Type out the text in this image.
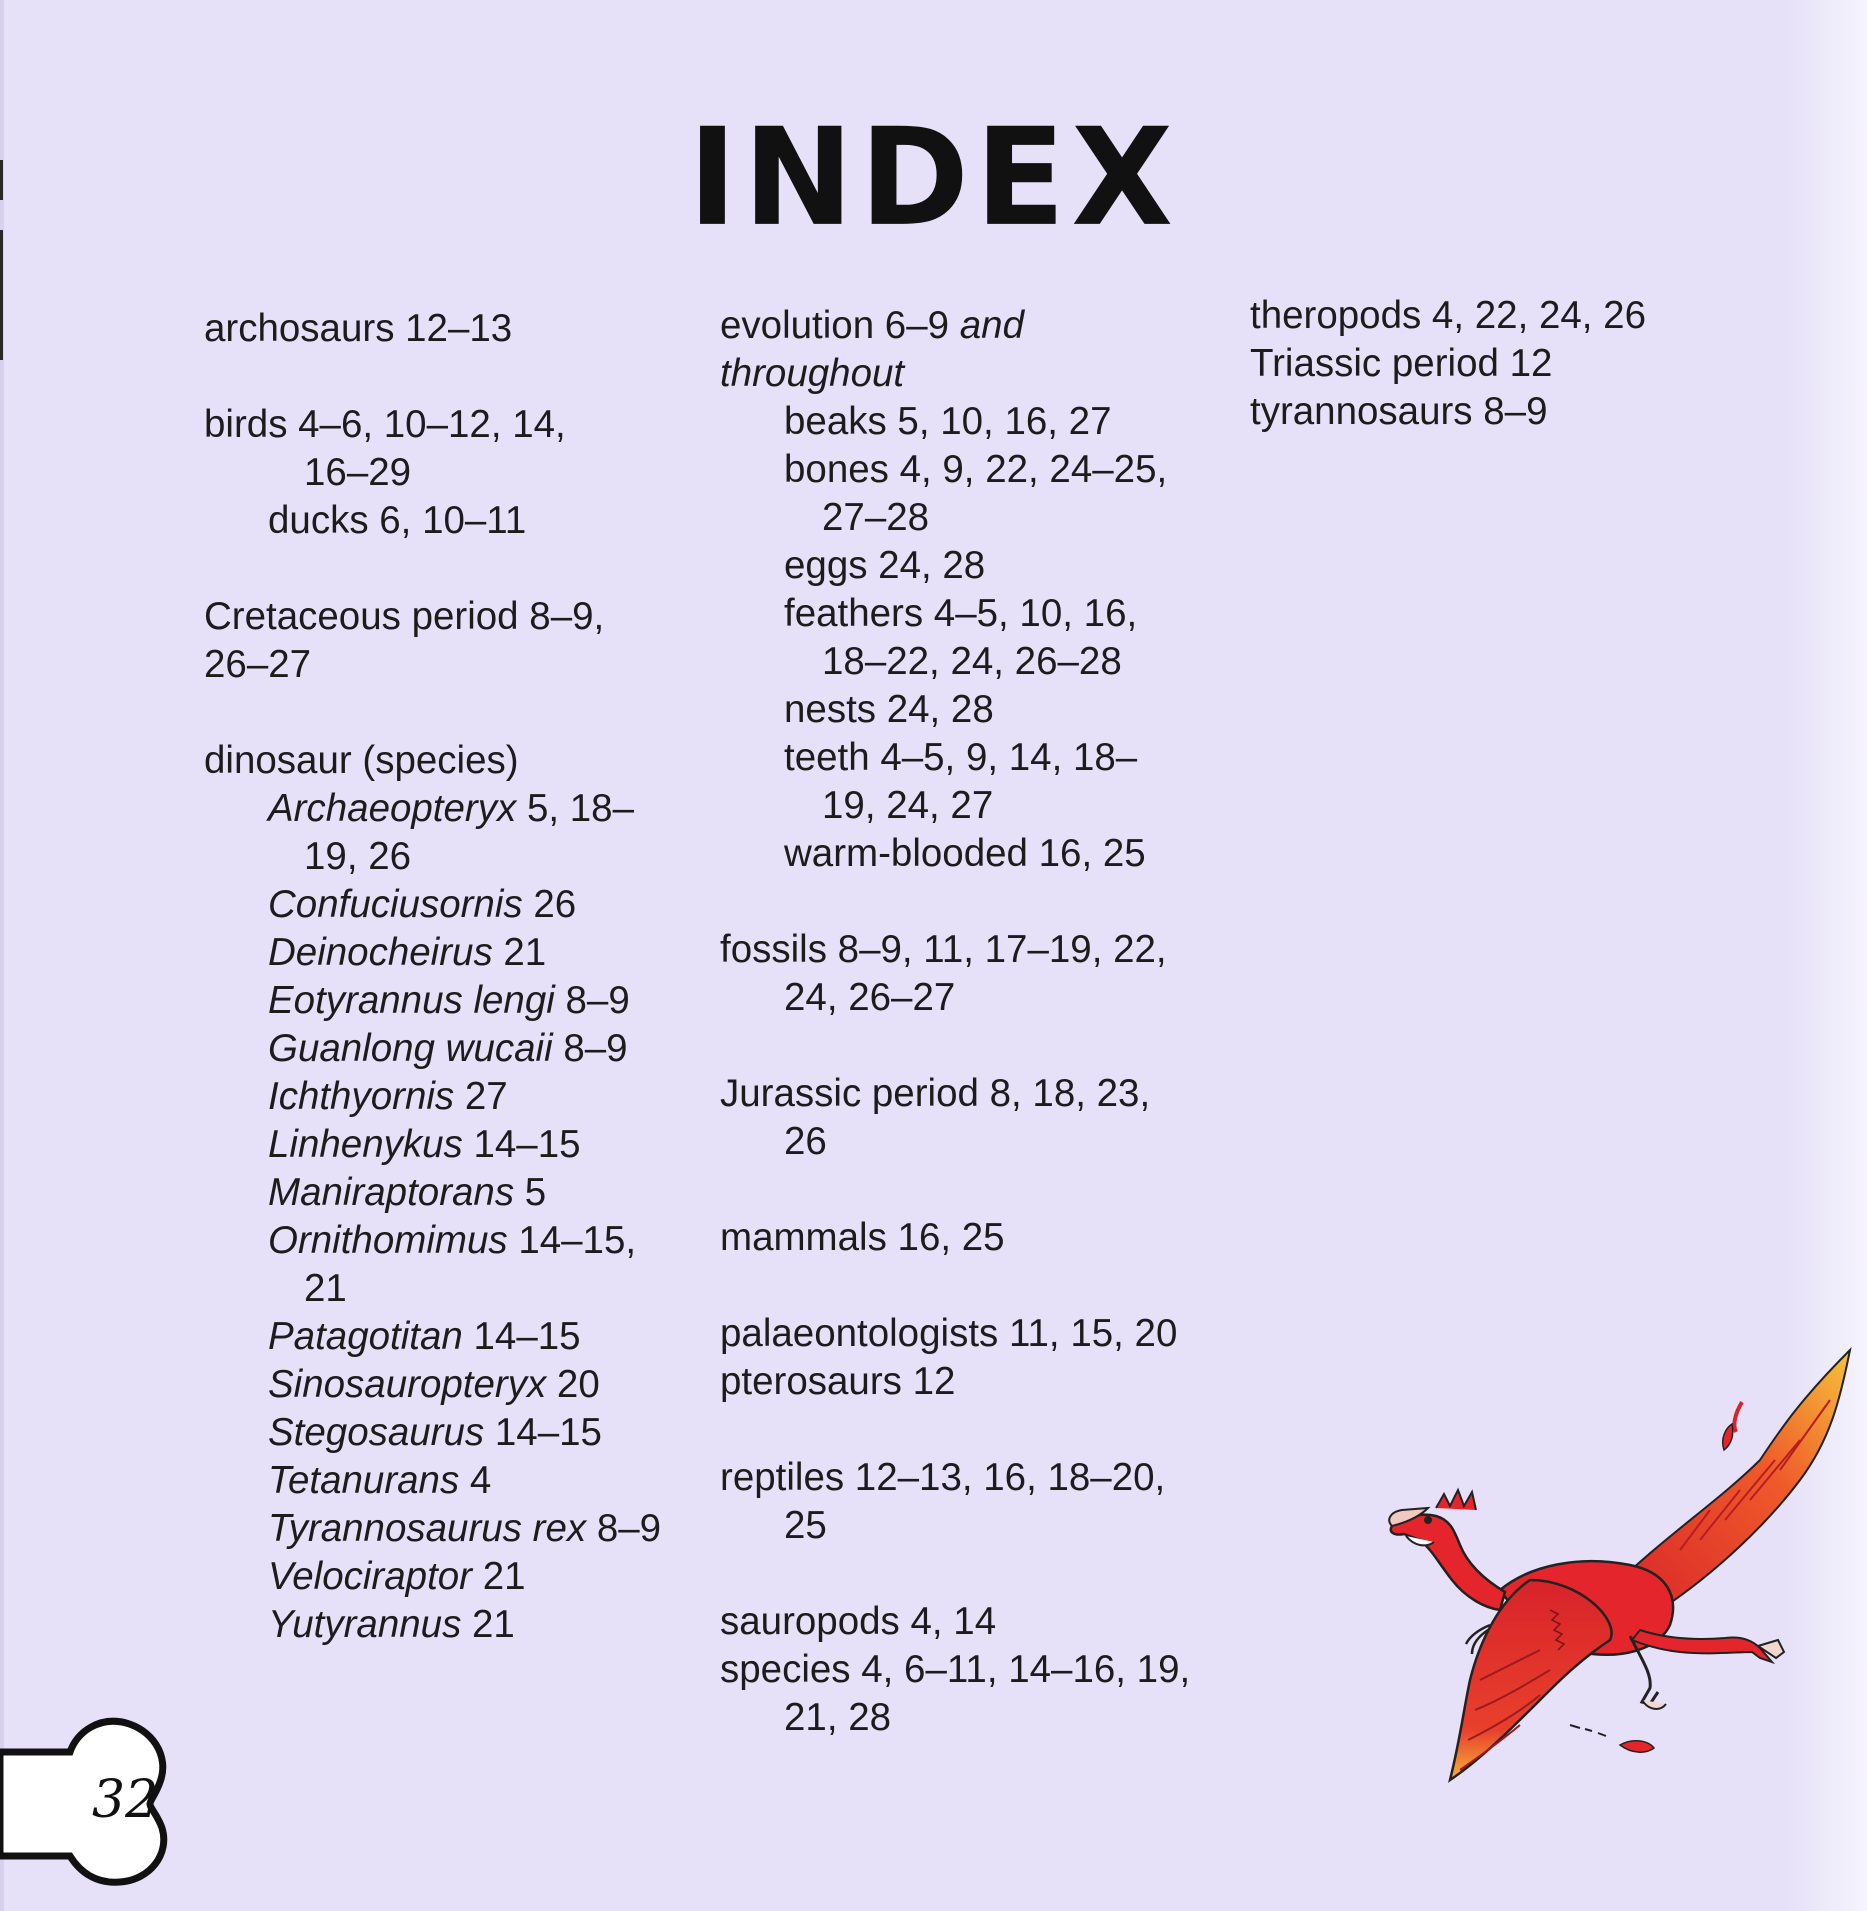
INDEX
archosaurs 12–13
birds 4–6, 10–12, 14,
16–29
ducks 6, 10–11
Cretaceous period 8–9,
26–27
dinosaur (species)
Archaeopteryx 5, 18–
19, 26
Confuciusornis 26
Deinocheirus 21
Eotyrannus lengi 8–9
Guanlong wucaii 8–9
Ichthyornis 27
Linhenykus 14–15
Maniraptorans 5
Ornithomimus 14–15,
21
Patagotitan 14–15
Sinosauropteryx 20
Stegosaurus 14–15
Tetanurans 4
Tyrannosaurus rex 8–9
Velociraptor 21
Yutyrannus 21
evolution 6–9 and
throughout
beaks 5, 10, 16, 27
bones 4, 9, 22, 24–25,
27–28
eggs 24, 28
feathers 4–5, 10, 16,
18–22, 24, 26–28
nests 24, 28
teeth 4–5, 9, 14, 18–
19, 24, 27
warm-blooded 16, 25
fossils 8–9, 11, 17–19, 22,
24, 26–27
Jurassic period 8, 18, 23,
26
mammals 16, 25
palaeontologists 11, 15, 20
pterosaurs 12
reptiles 12–13, 16, 18–20,
25
sauropods 4, 14
species 4, 6–11, 14–16, 19,
21, 28
theropods 4, 22, 24, 26
Triassic period 12
tyrannosaurs 8–9
32
